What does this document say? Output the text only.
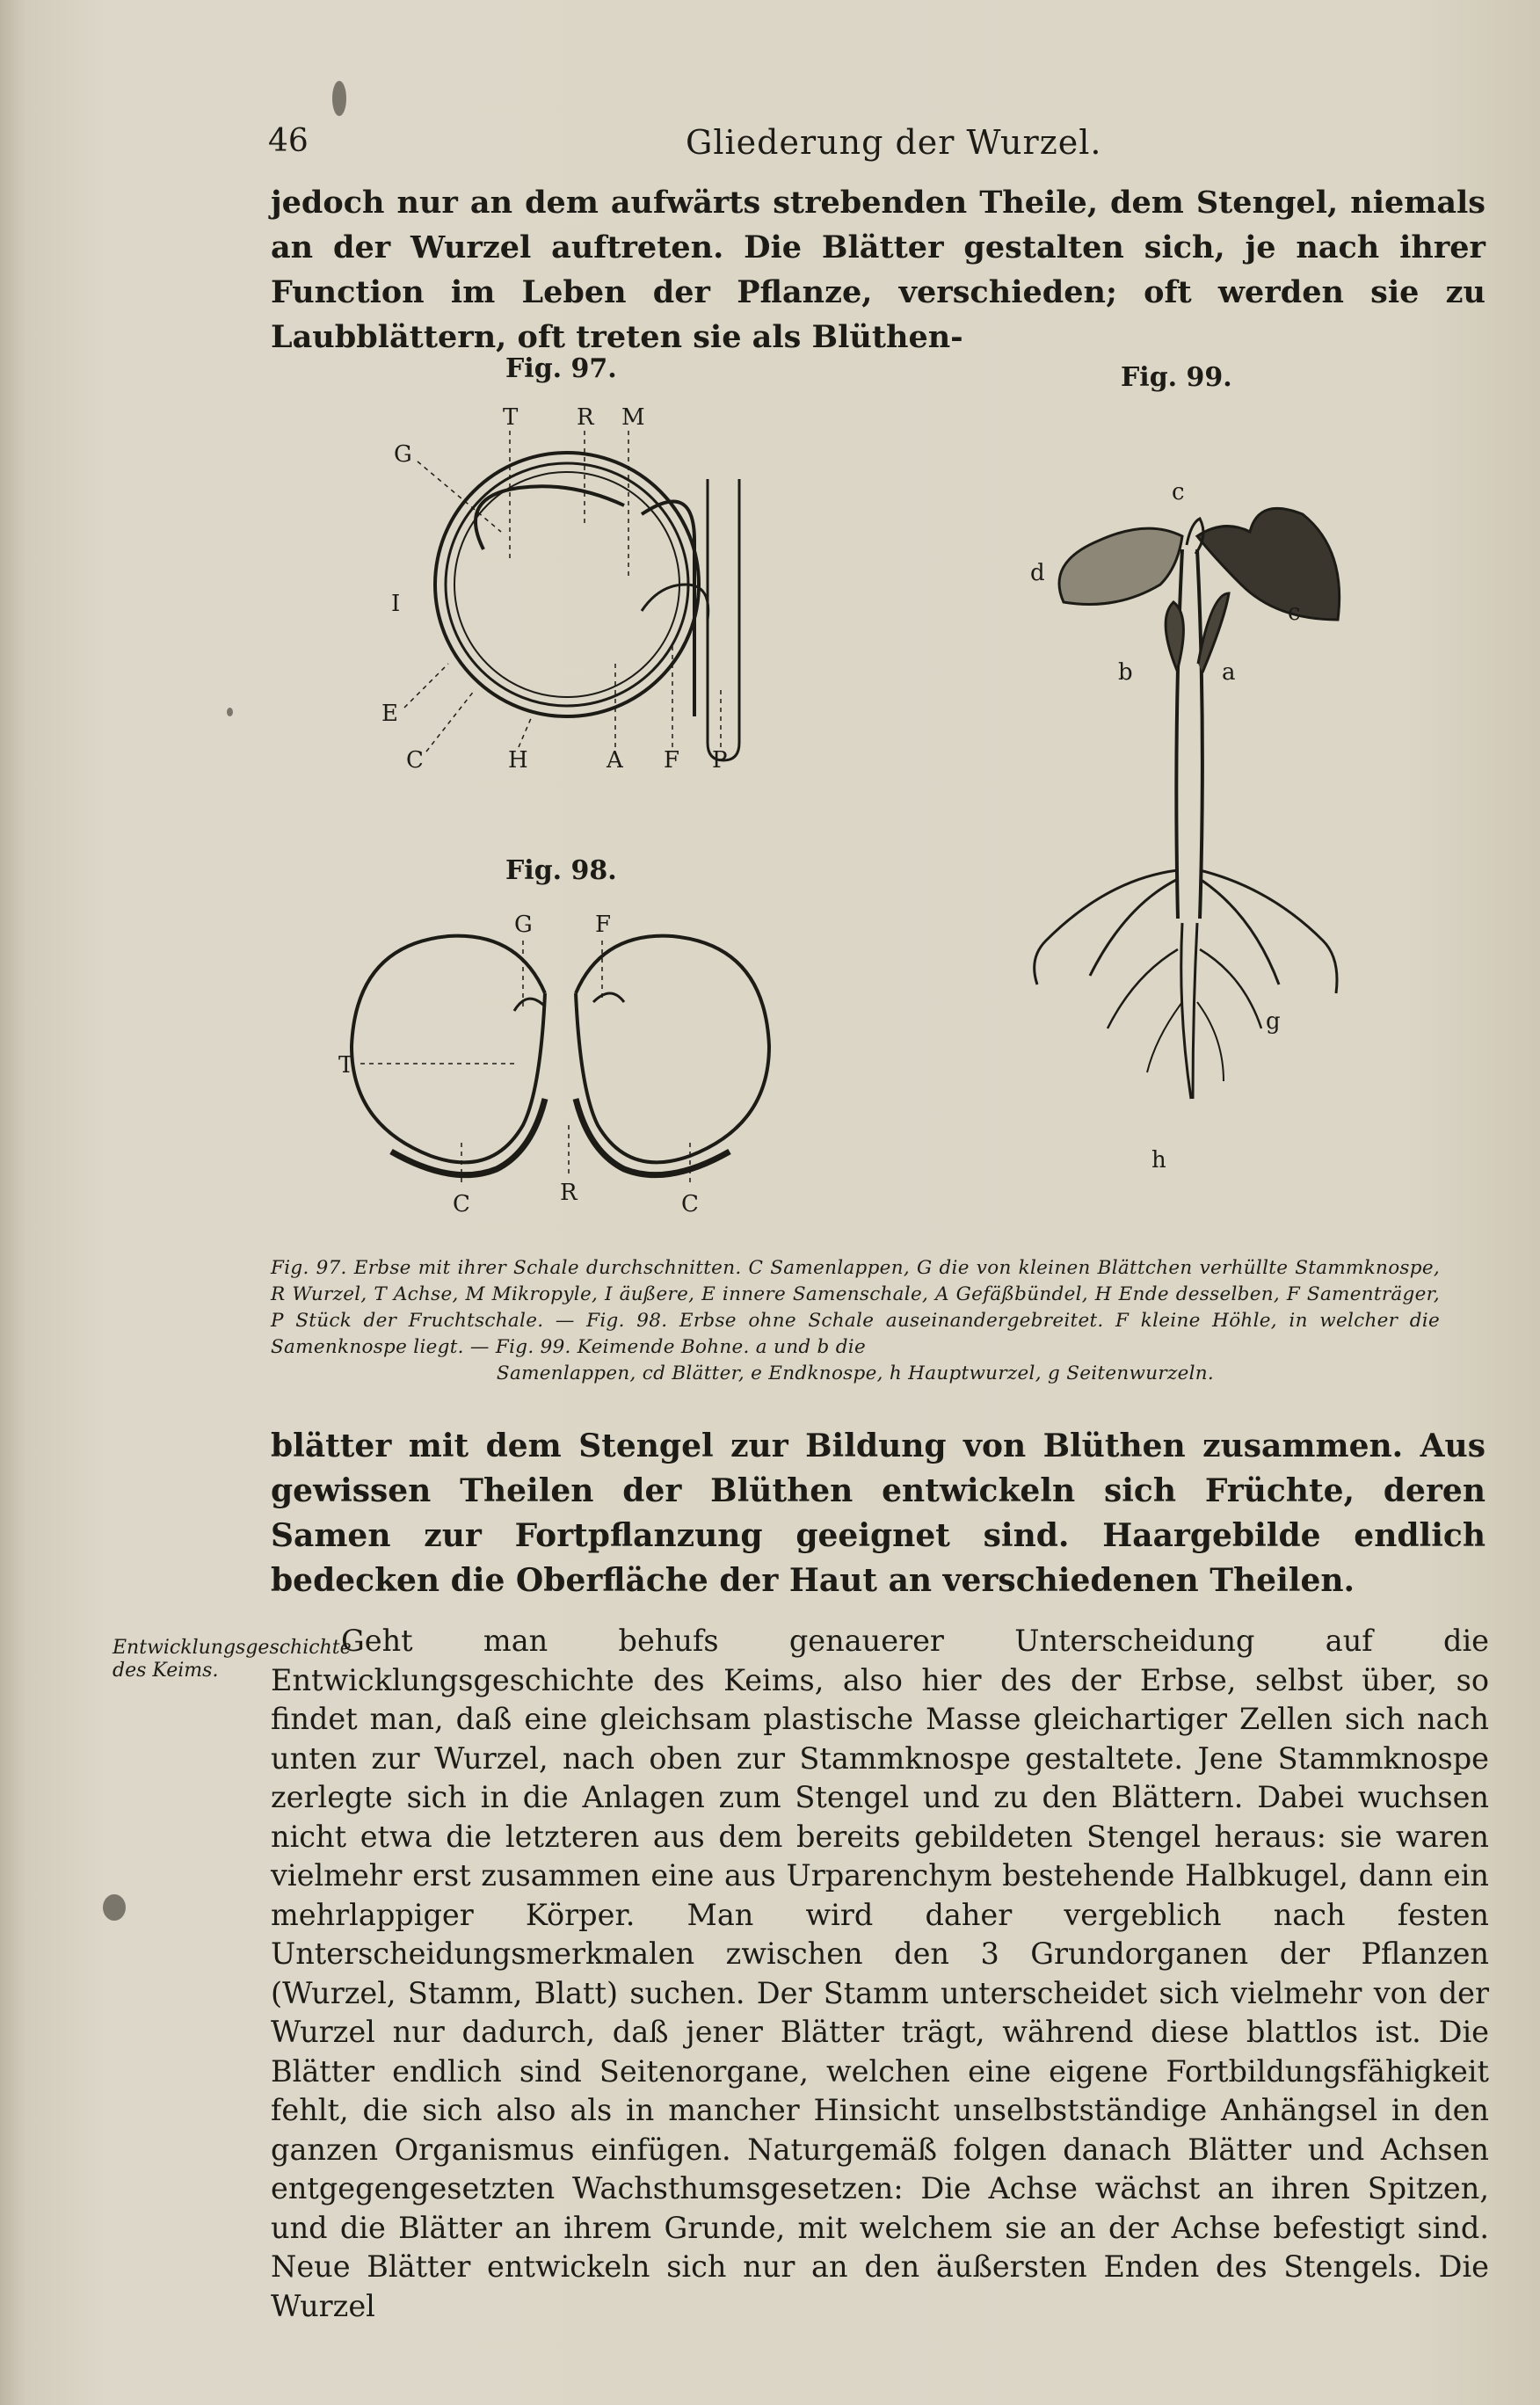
46	Gliederung der Wurzel.

jedoch nur an dem aufwärts strebenden Theile, dem Stengel, niemals an der Wurzel auftreten. Die Blätter gestalten sich, je nach ihrer Function im Leben der Pflanze, verschieden; oft werden sie zu Laubblättern, oft treten sie als Blüthen-

Fig. 97.
T	R M
G
I
E
C	H	A F P
Fig. 98.
G	F
T
C	R	C
Fig. 99.
c
d
c
b	a
g
h

Fig. 97. Erbse mit ihrer Schale durchschnitten. C Samenlappen, G die von kleinen Blättchen verhüllte Stammknospe, R Wurzel, T Achse, M Mikropyle, I äußere, E innere Samenschale, A Gefäßbündel, H Ende desselben, F Samenträger, P Stück der Fruchtschale. — Fig. 98. Erbse ohne Schale auseinandergebreitet. F kleine Höhle, in welcher die Samenknospe liegt. — Fig. 99. Keimende Bohne. a und b die
Samenlappen, cd Blätter, e Endknospe, h Hauptwurzel, g Seitenwurzeln.

blätter mit dem Stengel zur Bildung von Blüthen zusammen. Aus gewissen Theilen der Blüthen entwickeln sich Früchte, deren Samen zur Fortpflanzung geeignet sind. Haargebilde endlich bedecken die Oberfläche der Haut an verschiedenen Theilen.

Entwicklungsgeschichte des Keims.

Geht man behufs genauerer Unterscheidung auf die Entwicklungsgeschichte des Keims, also hier des der Erbse, selbst über, so findet man, daß eine gleichsam plastische Masse gleichartiger Zellen sich nach unten zur Wurzel, nach oben zur Stammknospe gestaltete. Jene Stammknospe zerlegte sich in die Anlagen zum Stengel und zu den Blättern. Dabei wuchsen nicht etwa die letzteren aus dem bereits gebildeten Stengel heraus: sie waren vielmehr erst zusammen eine aus Urparenchym bestehende Halbkugel, dann ein mehrlappiger Körper. Man wird daher vergeblich nach festen Unterscheidungsmerkmalen zwischen den 3 Grundorganen der Pflanzen (Wurzel, Stamm, Blatt) suchen. Der Stamm unterscheidet sich vielmehr von der Wurzel nur dadurch, daß jener Blätter trägt, während diese blattlos ist. Die Blätter endlich sind Seitenorgane, welchen eine eigene Fortbildungsfähigkeit fehlt, die sich also als in mancher Hinsicht unselbstständige Anhängsel in den ganzen Organismus einfügen. Naturgemäß folgen danach Blätter und Achsen entgegengesetzten Wachsthumsgesetzen: Die Achse wächst an ihren Spitzen, und die Blätter an ihrem Grunde, mit welchem sie an der Achse befestigt sind. Neue Blätter entwickeln sich nur an den äußersten Enden des Stengels. Die Wurzel
